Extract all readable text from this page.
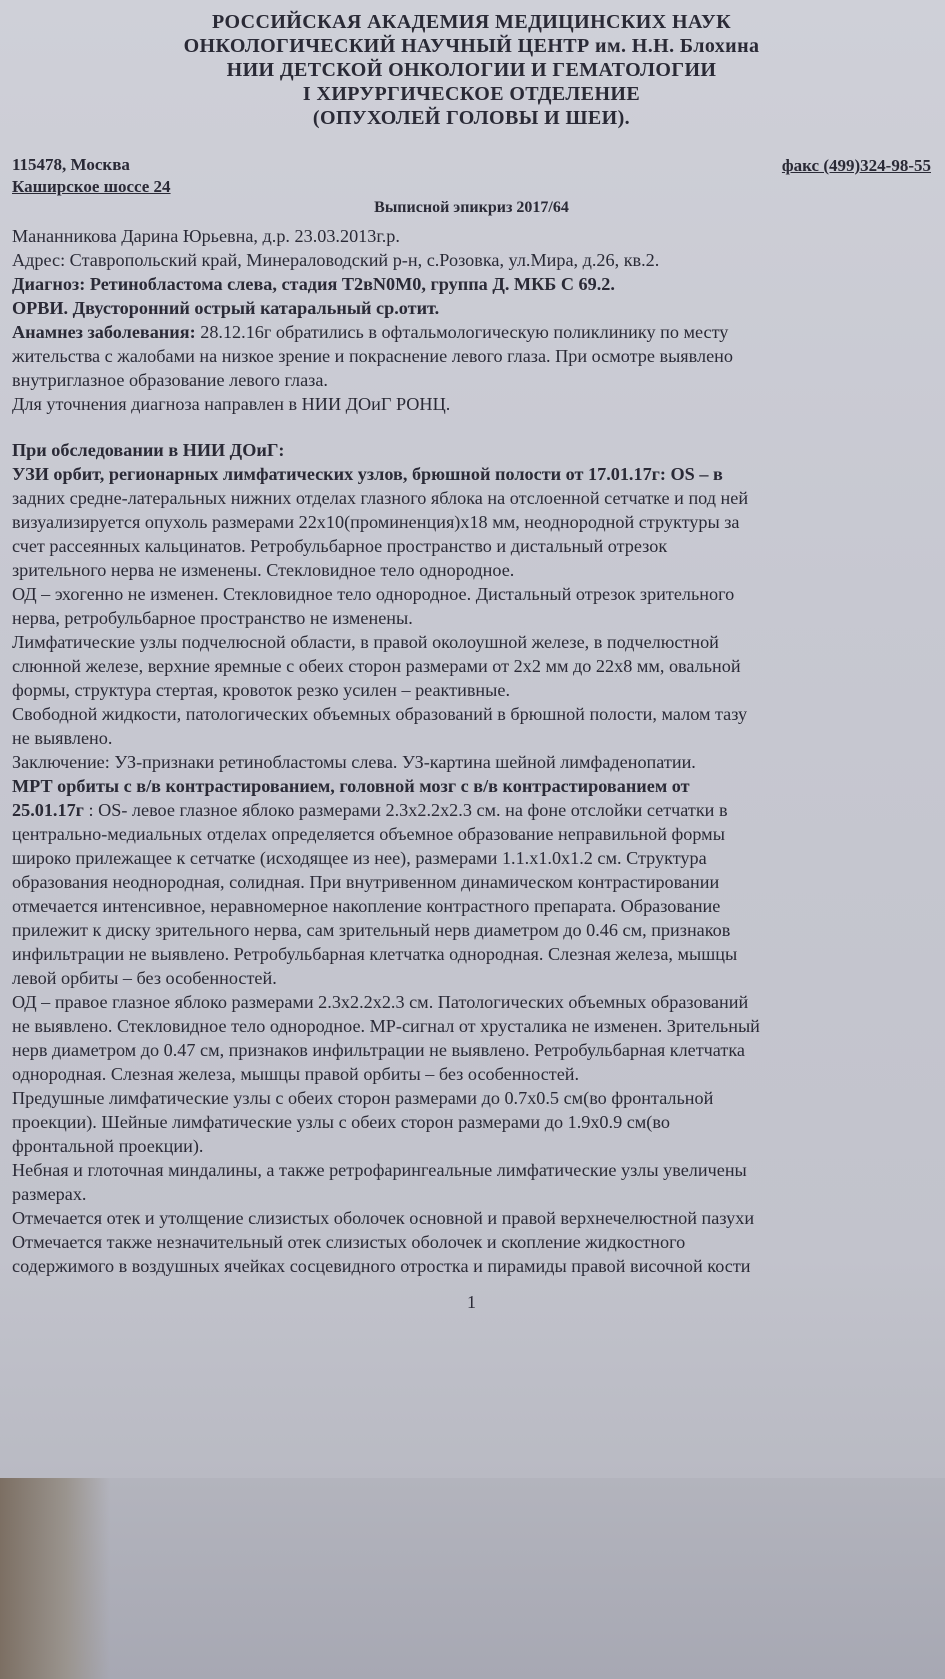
РОССИЙСКАЯ АКАДЕМИЯ МЕДИЦИНСКИХ НАУК
ОНКОЛОГИЧЕСКИЙ НАУЧНЫЙ ЦЕНТР им. Н.Н. Блохина
НИИ ДЕТСКОЙ ОНКОЛОГИИ И ГЕМАТОЛОГИИ
I ХИРУРГИЧЕСКОЕ ОТДЕЛЕНИЕ
(ОПУХОЛЕЙ ГОЛОВЫ И ШЕИ).
115478, Москва
Каширское шоссе 24
факс (499)324-98-55
Выписной эпикриз 2017/64

Мананникова Дарина Юрьевна, д.р. 23.03.2013г.р.

Адрес: Ставропольский край, Минераловодский р-н, с.Розовка, ул.Мира, д.26, кв.2.

Диагноз: Ретинобластома слева, стадия T2вN0M0, группа Д. МКБ C 69.2.

ОРВИ. Двусторонний острый катаральный ср.отит.

Анамнез заболевания: 28.12.16г обратились в офтальмологическую поликлинику по месту

жительства с жалобами на низкое зрение и покраснение левого глаза. При осмотре выявлено

внутриглазное образование левого глаза.

Для уточнения диагноза направлен в НИИ ДОиГ РОНЦ.

При обследовании в НИИ ДОиГ:

УЗИ орбит, регионарных лимфатических узлов, брюшной полости от 17.01.17г: OS – в

задних средне-латеральных нижних отделах глазного яблока на отслоенной сетчатке и под ней

визуализируется опухоль размерами 22x10(проминенция)x18 мм, неоднородной структуры за

счет рассеянных кальцинатов. Ретробульбарное пространство и дистальный отрезок

зрительного нерва не изменены. Стекловидное тело однородное.

ОД – эхогенно не изменен. Стекловидное тело однородное. Дистальный отрезок зрительного

нерва, ретробульбарное пространство не изменены.

Лимфатические узлы подчелюсной области, в правой околоушной железе, в подчелюстной

слюнной железе, верхние яремные с обеих сторон размерами от 2x2 мм до 22x8 мм, овальной

формы, структура стертая, кровоток резко усилен – реактивные.

Свободной жидкости, патологических объемных образований в брюшной полости, малом тазу

не выявлено.

Заключение: УЗ-признаки ретинобластомы слева. УЗ-картина шейной лимфаденопатии.

МРТ орбиты с в/в контрастированием, головной мозг с в/в контрастированием от

25.01.17г : OS- левое глазное яблоко размерами 2.3x2.2x2.3 см. на фоне отслойки сетчатки в

центрально-медиальных отделах определяется объемное образование неправильной формы

широко прилежащее к сетчатке (исходящее из нее), размерами 1.1.x1.0x1.2 см. Структура

образования неоднородная, солидная. При внутривенном динамическом контрастировании

отмечается интенсивное, неравномерное накопление контрастного препарата. Образование

прилежит к диску зрительного нерва, сам зрительный нерв диаметром до 0.46 см, признаков

инфильтрации не выявлено. Ретробульбарная клетчатка однородная. Слезная железа, мышцы

левой орбиты – без особенностей.

ОД – правое глазное яблоко размерами 2.3x2.2x2.3 см. Патологических объемных образований

не выявлено. Стекловидное тело однородное. МР-сигнал от хрусталика не изменен. Зрительный

нерв диаметром до 0.47 см, признаков инфильтрации не выявлено. Ретробульбарная клетчатка

однородная. Слезная железа, мышцы правой орбиты – без особенностей.

Предушные лимфатические узлы с обеих сторон размерами до 0.7x0.5 см(во фронтальной

проекции). Шейные лимфатические узлы с обеих сторон размерами до 1.9x0.9 см(во

фронтальной проекции).

Небная и глоточная миндалины, а также ретрофарингеальные лимфатические узлы увеличены

размерах.

Отмечается отек и утолщение слизистых оболочек основной и правой верхнечелюстной пазухи

Отмечается также незначительный отек слизистых оболочек и скопление жидкостного

содержимого в воздушных ячейках сосцевидного отростка и пирамиды правой височной кости

1
